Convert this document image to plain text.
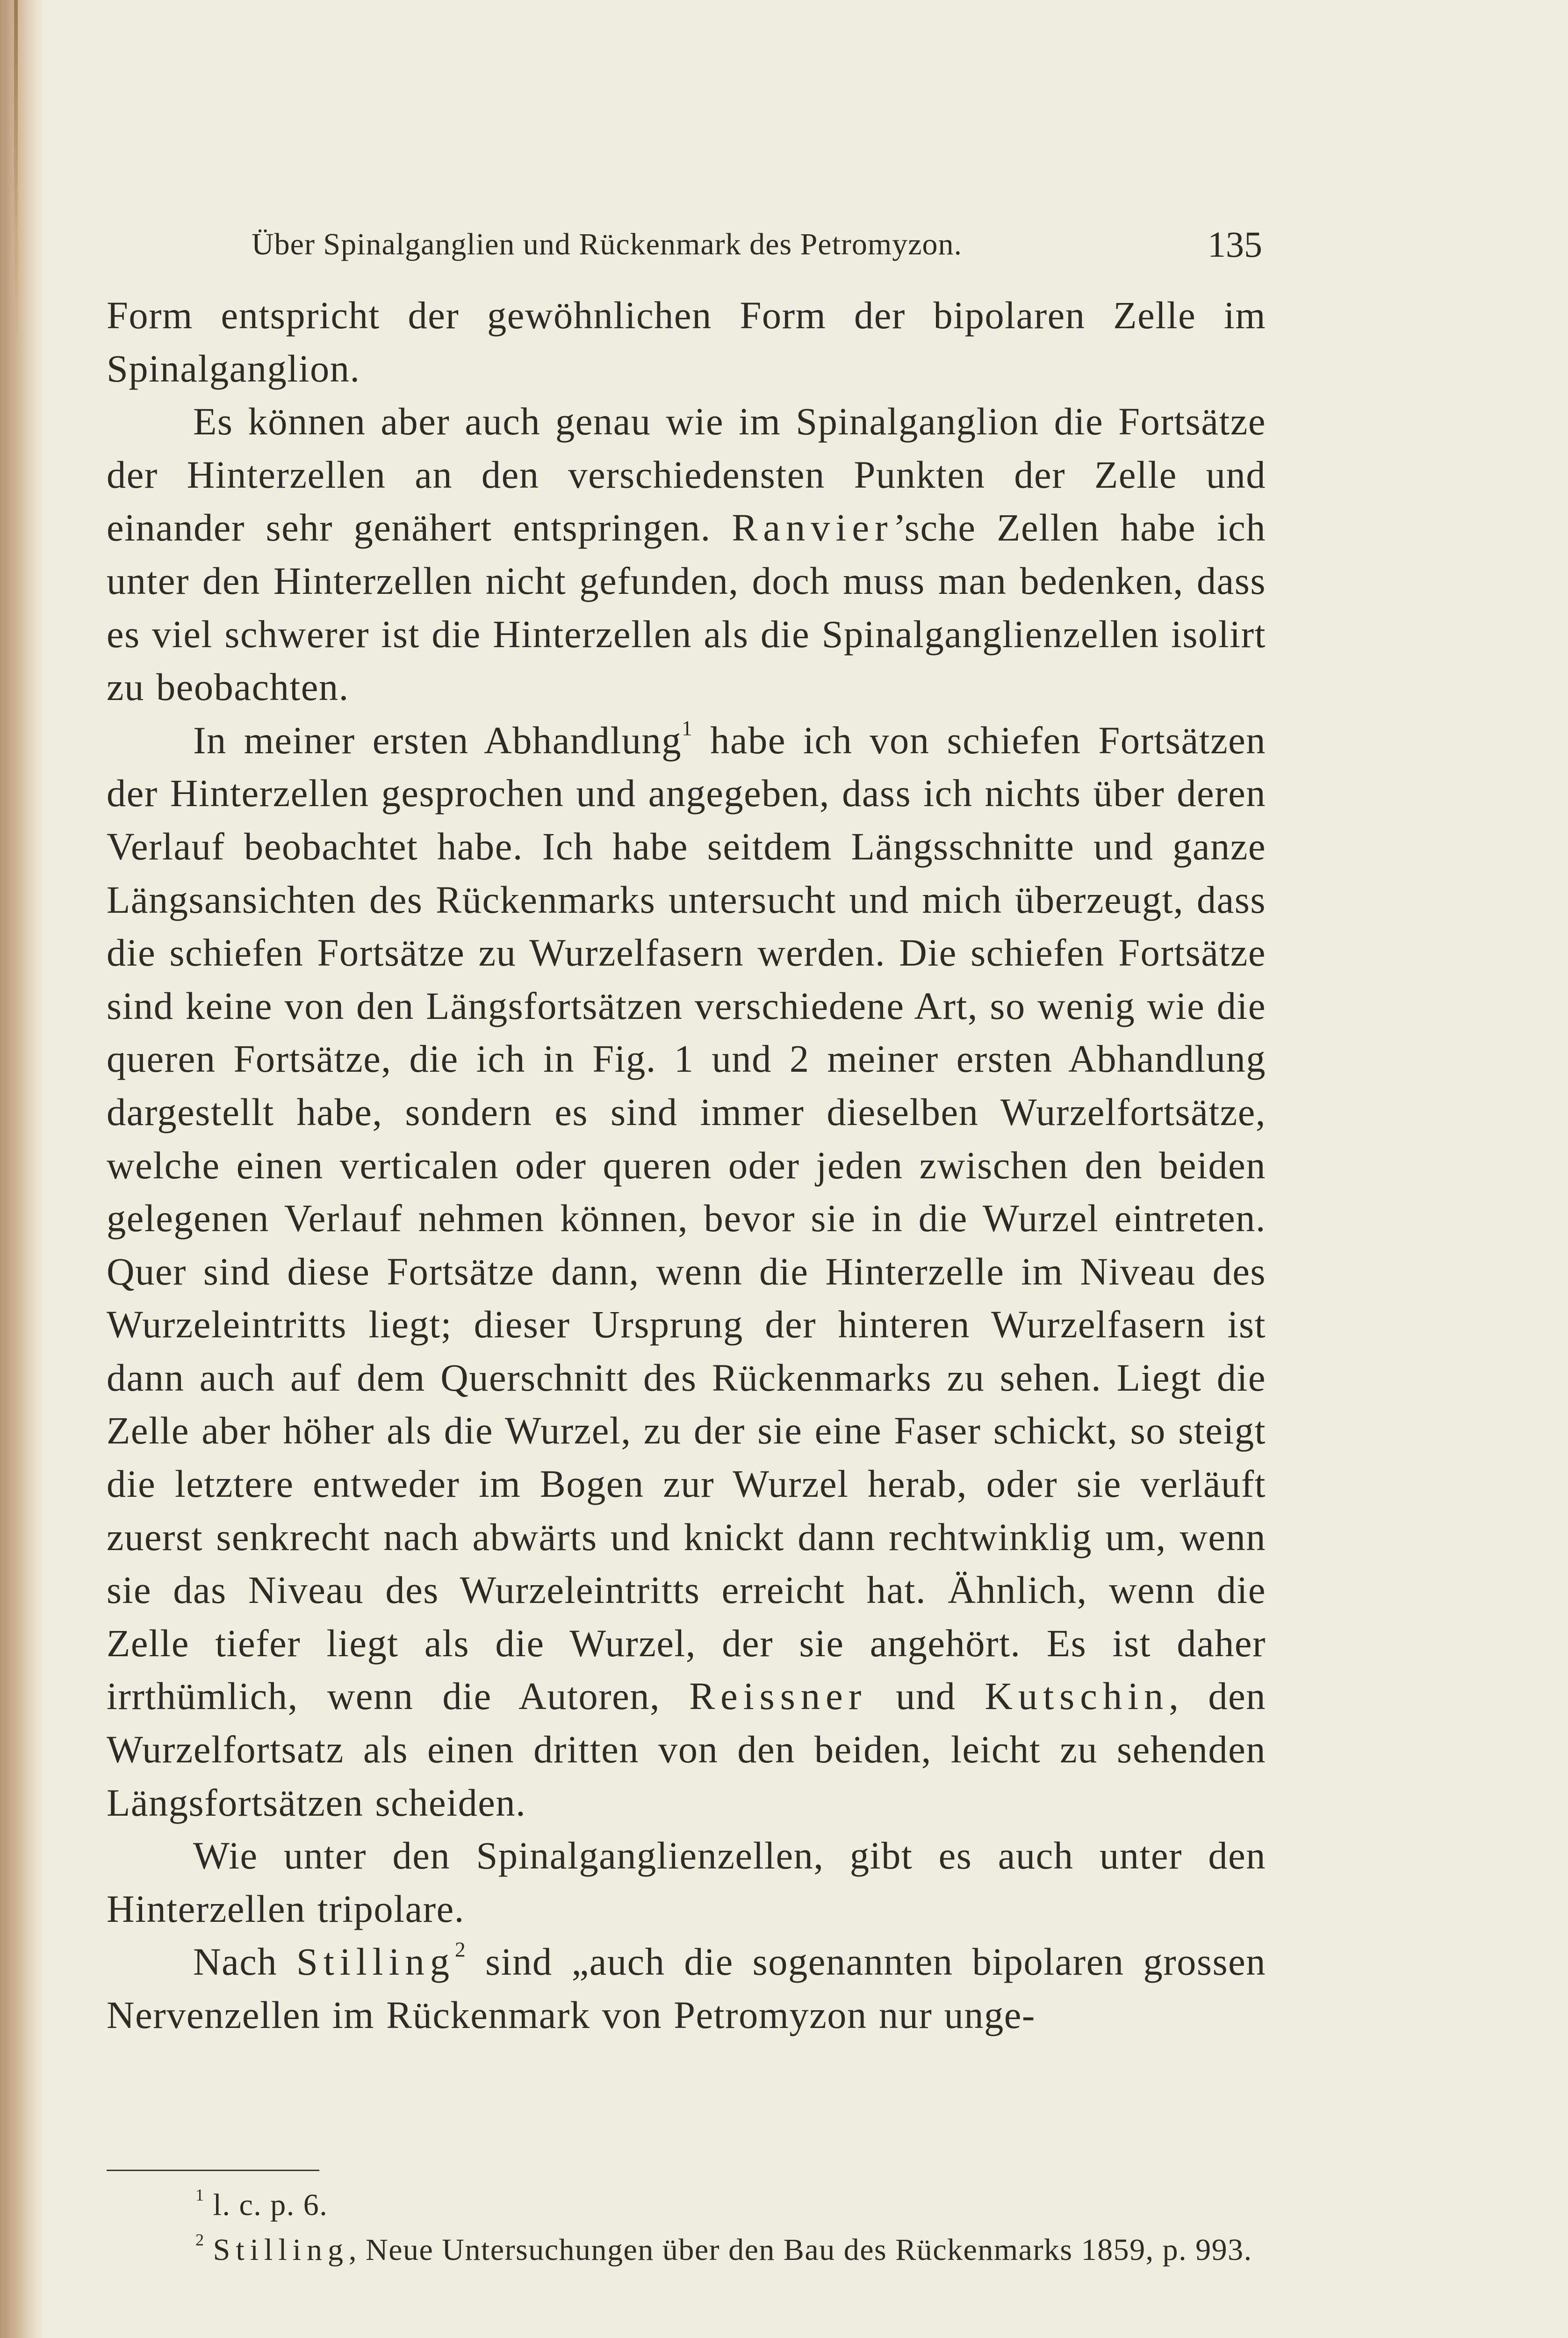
Über Spinalganglien und Rückenmark des Petromyzon.	135

Form entspricht der gewöhnlichen Form der bipolaren Zelle im Spinalganglion.

Es können aber auch genau wie im Spinalganglion die Fortsätze der Hinterzellen an den verschiedensten Punkten der Zelle und einander sehr genähert entspringen. Ranvier’sche Zellen habe ich unter den Hinterzellen nicht gefunden, doch muss man bedenken, dass es viel schwerer ist die Hinterzellen als die Spinalganglienzellen isolirt zu beobachten.

In meiner ersten Abhandlung$^1$ habe ich von schiefen Fortsätzen der Hinterzellen gesprochen und angegeben, dass ich nichts über deren Verlauf beobachtet habe. Ich habe seitdem Längsschnitte und ganze Längsansichten des Rückenmarks untersucht und mich überzeugt, dass die schiefen Fortsätze zu Wurzelfasern werden. Die schiefen Fortsätze sind keine von den Längsfortsätzen verschiedene Art, so wenig wie die queren Fortsätze, die ich in Fig. 1 und 2 meiner ersten Abhandlung dargestellt habe, sondern es sind immer dieselben Wurzelfortsätze, welche einen verticalen oder queren oder jeden zwischen den beiden gelegenen Verlauf nehmen können, bevor sie in die Wurzel eintreten. Quer sind diese Fortsätze dann, wenn die Hinterzelle im Niveau des Wurzeleintritts liegt; dieser Ursprung der hinteren Wurzelfasern ist dann auch auf dem Querschnitt des Rückenmarks zu sehen. Liegt die Zelle aber höher als die Wurzel, zu der sie eine Faser schickt, so steigt die letztere entweder im Bogen zur Wurzel herab, oder sie verläuft zuerst senkrecht nach abwärts und knickt dann rechtwinklig um, wenn sie das Niveau des Wurzeleintritts erreicht hat. Ähnlich, wenn die Zelle tiefer liegt als die Wurzel, der sie angehört. Es ist daher irrthümlich, wenn die Autoren, Reissner und Kutschin, den Wurzelfortsatz als einen dritten von den beiden, leicht zu sehenden Längsfortsätzen scheiden.

Wie unter den Spinalganglienzellen, gibt es auch unter den Hinterzellen tripolare.

Nach Stilling$^2$ sind „auch die sogenannten bipolaren grossen Nervenzellen im Rückenmark von Petromyzon nur unge-

$^1$ l. c. p. 6.

$^2$ Stilling, Neue Untersuchungen über den Bau des Rückenmarks 1859, p. 993.
